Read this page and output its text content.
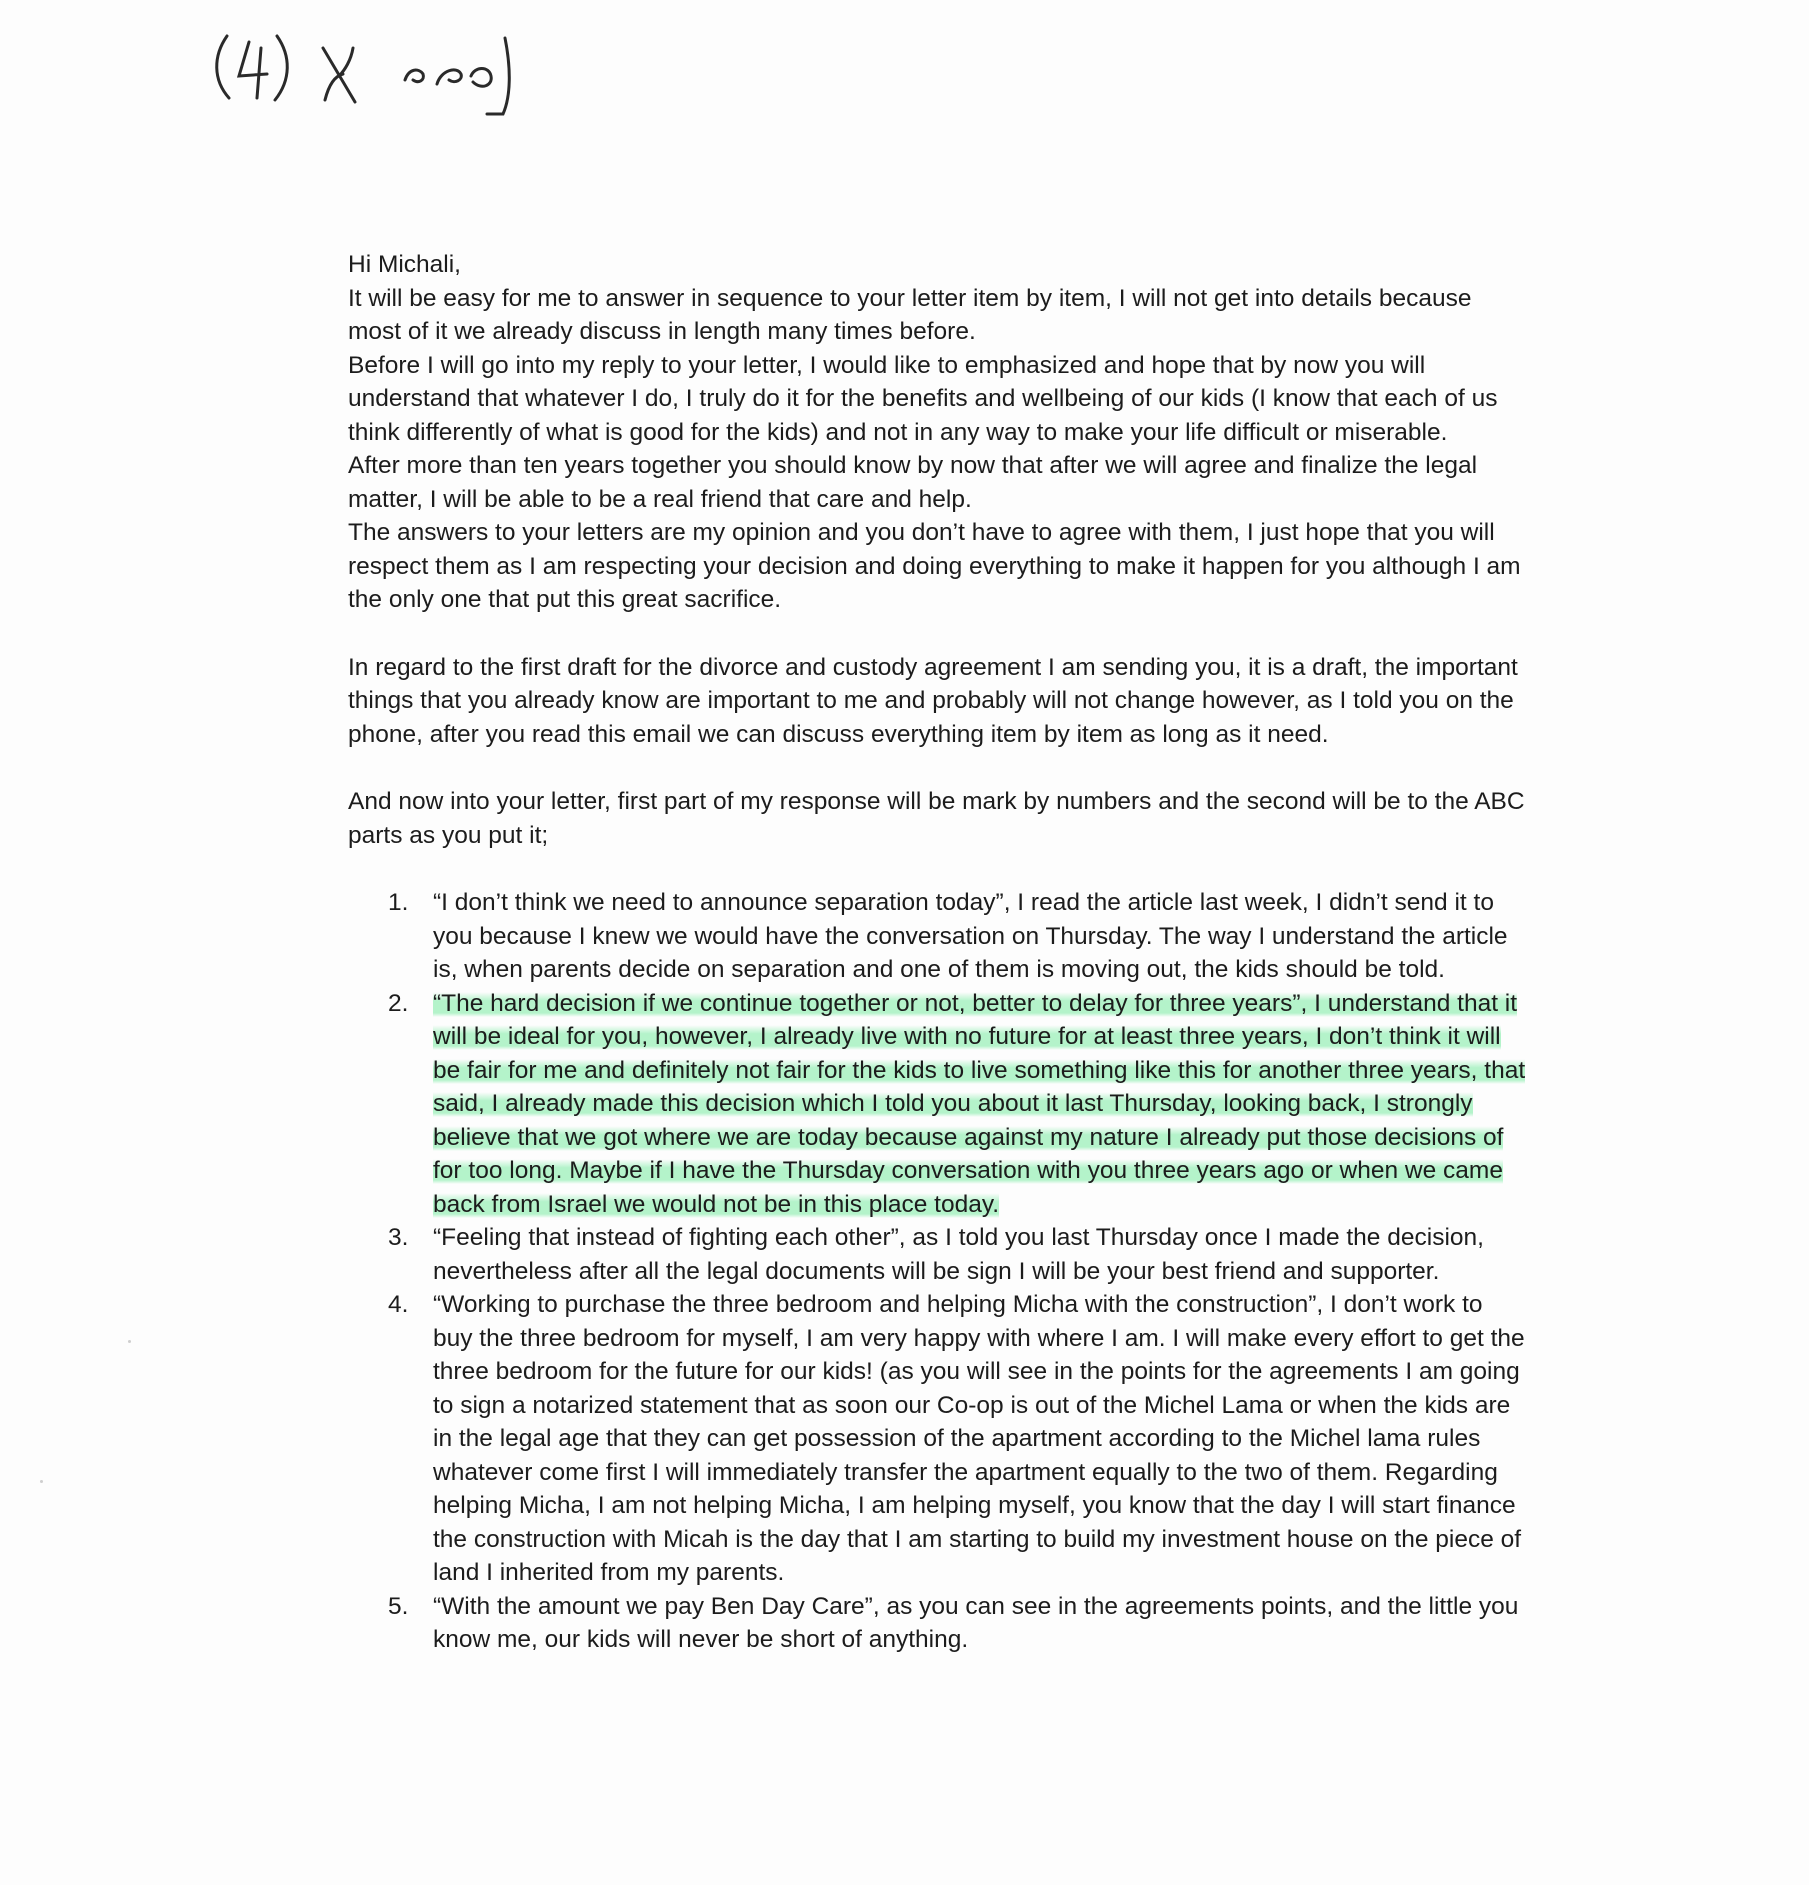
Hi Michali,

It will be easy for me to answer in sequence to your letter item by item, I will not get into details because most of it we already discuss in length many times before.

Before I will go into my reply to your letter, I would like to emphasized and hope that by now you will understand that whatever I do, I truly do it for the benefits and wellbeing of our kids (I know that each of us think differently of what is good for the kids) and not in any way to make your life difficult or miserable.

After more than ten years together you should know by now that after we will agree and finalize the legal matter, I will be able to be a real friend that care and help.

The answers to your letters are my opinion and you don’t have to agree with them, I just hope that you will respect them as I am respecting your decision and doing everything to make it happen for you although I am the only one that put this great sacrifice.

In regard to the first draft for the divorce and custody agreement I am sending you, it is a draft, the important things that you already know are important to me and probably will not change however, as I told you on the phone, after you read this email we can discuss everything item by item as long as it need.

And now into your letter, first part of my response will be mark by numbers and the second will be to the ABC parts as you put it;

1. “I don’t think we need to announce separation today”, I read the article last week, I didn’t send it to you because I knew we would have the conversation on Thursday. The way I understand the article is, when parents decide on separation and one of them is moving out, the kids should be told.
2. “The hard decision if we continue together or not, better to delay for three years”, I understand that it will be ideal for you, however, I already live with no future for at least three years, I don’t think it will be fair for me and definitely not fair for the kids to live something like this for another three years, that said, I already made this decision which I told you about it last Thursday, looking back, I strongly believe that we got where we are today because against my nature I already put those decisions of for too long. Maybe if I have the Thursday conversation with you three years ago or when we came back from Israel we would not be in this place today.
3. “Feeling that instead of fighting each other”, as I told you last Thursday once I made the decision, nevertheless after all the legal documents will be sign I will be your best friend and supporter.
4. “Working to purchase the three bedroom and helping Micha with the construction”, I don’t work to buy the three bedroom for myself, I am very happy with where I am. I will make every effort to get the three bedroom for the future for our kids! (as you will see in the points for the agreements I am going to sign a notarized statement that as soon our Co-op is out of the Michel Lama or when the kids are in the legal age that they can get possession of the apartment according to the Michel lama rules whatever come first I will immediately transfer the apartment equally to the two of them. Regarding helping Micha, I am not helping Micha, I am helping myself, you know that the day I will start finance the construction with Micah is the day that I am starting to build my investment house on the piece of land I inherited from my parents.
5. “With the amount we pay Ben Day Care”, as you can see in the agreements points, and the little you know me, our kids will never be short of anything.
